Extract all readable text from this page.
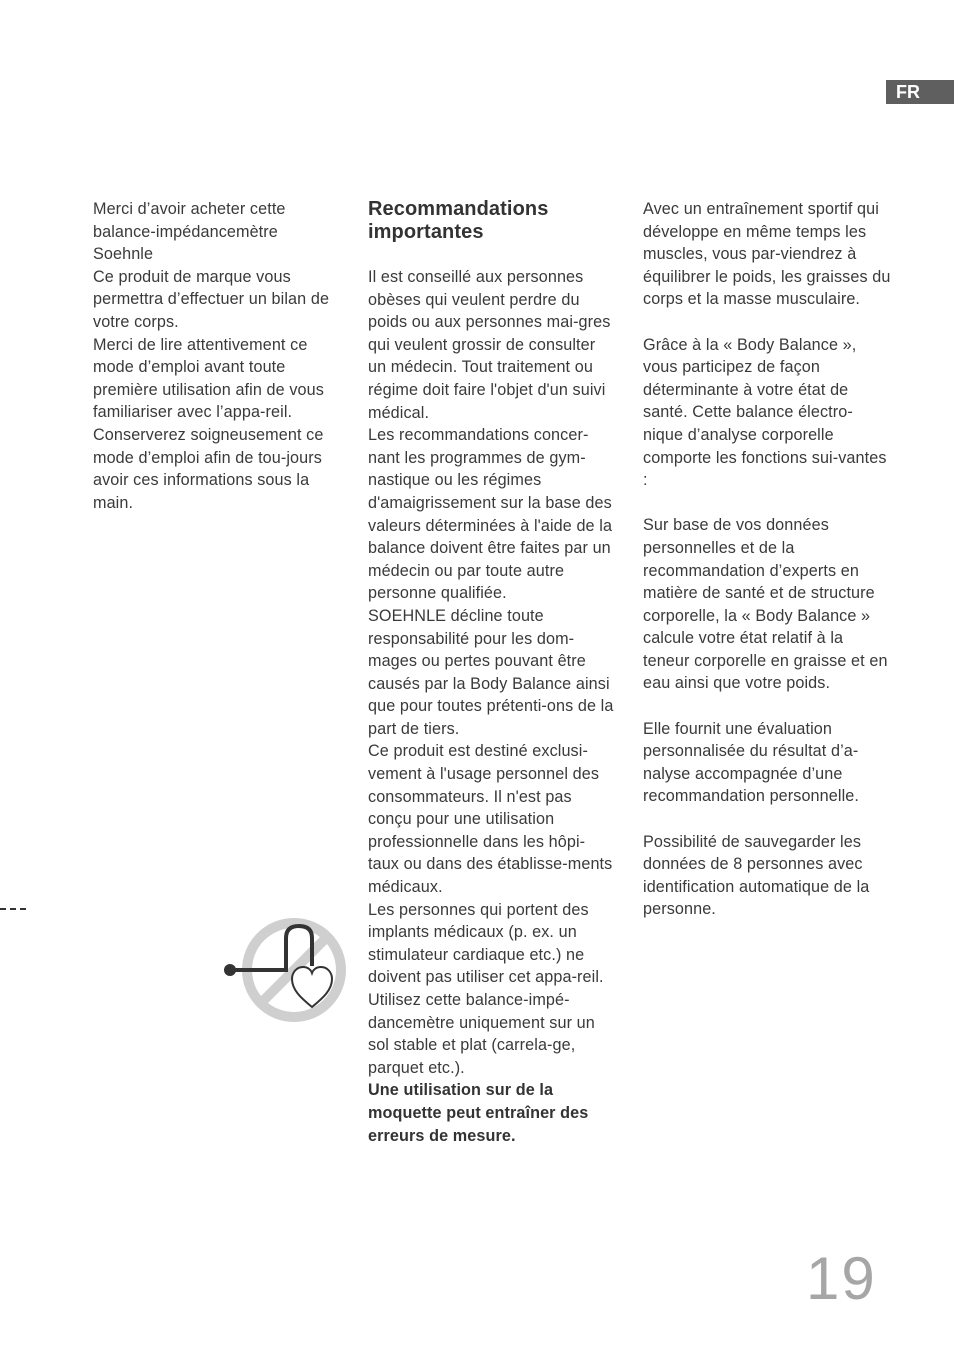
FR

Merci d’avoir acheter cette balance-impédancemètre Soehnle

Ce produit de marque vous permettra d’effectuer un bilan de votre corps.

Merci de lire attentivement ce mode d’emploi avant toute première utilisation afin de vous familiariser avec l’appa-reil.

Conserverez soigneusement ce mode d’emploi afin de tou-jours avoir ces informations sous la main.

Recommandations importantes

Il est conseillé aux personnes obèses qui veulent perdre du poids ou aux personnes mai-gres qui veulent grossir de consulter un médecin. Tout traitement ou régime doit faire l'objet d'un suivi médical.

Les recommandations concer-nant les programmes de gym-nastique ou les régimes d'amaigrissement sur la base des valeurs déterminées à l'aide de la balance doivent être faites par un médecin ou par toute autre personne qualifiée.

SOEHNLE décline toute responsabilité pour les dom-mages ou pertes pouvant être causés par la Body Balance ainsi que pour toutes prétenti-ons de la part de tiers.

Ce produit est destiné exclusi-vement à l'usage personnel des consommateurs. Il n'est pas conçu pour une utilisation professionnelle dans les hôpi-taux ou dans des établisse-ments médicaux.

Les personnes qui portent des implants médicaux (p. ex. un stimulateur cardiaque etc.) ne doivent pas utiliser cet appa-reil.

Utilisez cette balance-impé-dancemètre uniquement sur un sol stable et plat (carrela-ge, parquet etc.).

Une utilisation sur de la moquette peut entraîner des erreurs de mesure.

Avec un entraînement sportif qui développe en même temps les muscles, vous par-viendrez à équilibrer le poids, les graisses du corps et la masse musculaire.

Grâce à la « Body Balance », vous participez de façon déterminante à votre état de santé. Cette balance électro-nique d’analyse corporelle comporte les fonctions sui-vantes :

Sur base de vos données personnelles et de la recommandation d’experts en matière de santé et de structure corporelle, la « Body Balance » calcule votre état relatif à la teneur corporelle en graisse et en eau ainsi que votre poids.

Elle fournit une évaluation personnalisée du résultat d’a-nalyse accompagnée d’une recommandation personnelle.

Possibilité de sauvegarder les données de 8 personnes avec identification automatique de la personne.

19
